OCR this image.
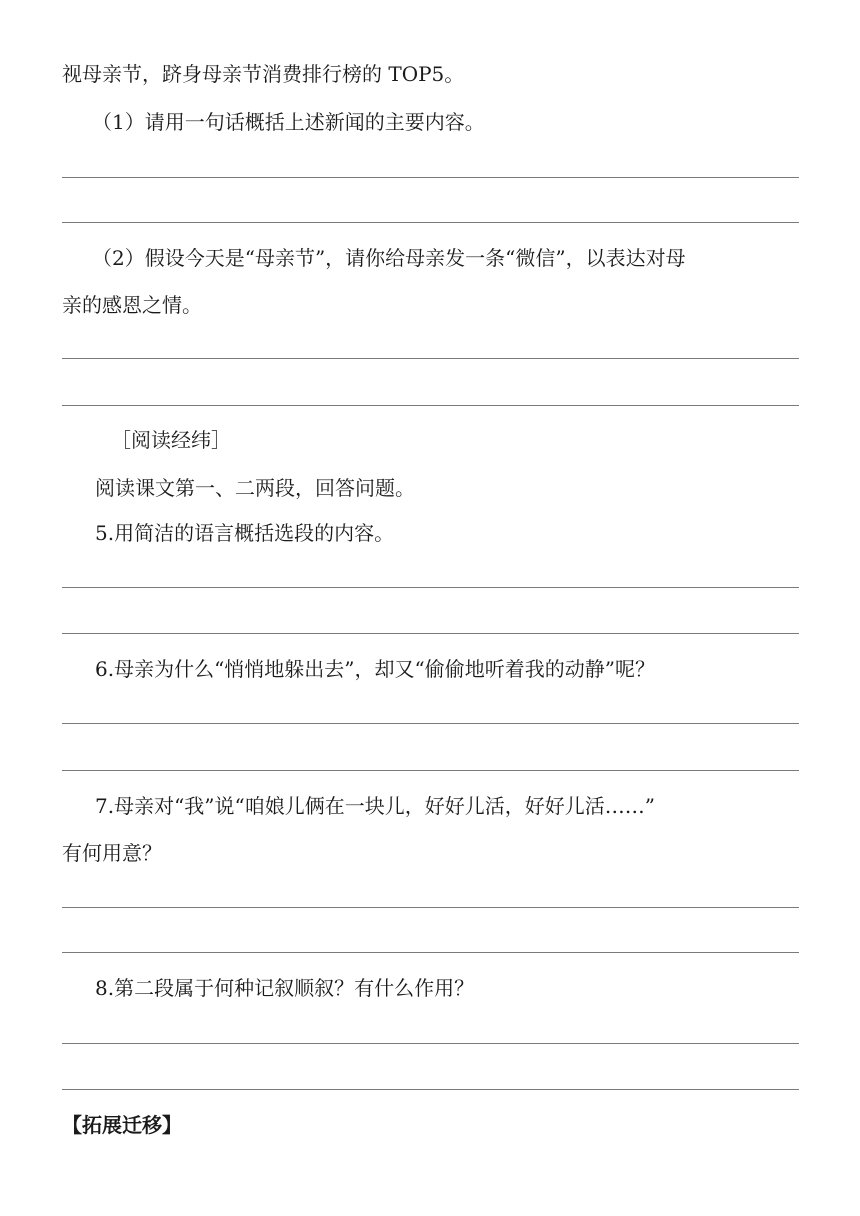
视母亲节，跻身母亲节消费排行榜的 TOP5。
（1）请用一句话概括上述新闻的主要内容。
（2）假设今天是“母亲节”，请你给母亲发一条“微信”，以表达对母
亲的感恩之情。
［阅读经纬］
阅读课文第一、二两段，回答问题。
5.用简洁的语言概括选段的内容。
6.母亲为什么“悄悄地躲出去”，却又“偷偷地听着我的动静”呢？
7.母亲对“我”说“咱娘儿俩在一块儿，好好儿活，好好儿活……”
有何用意？
8.第二段属于何种记叙顺叙？有什么作用？
【拓展迁移】
